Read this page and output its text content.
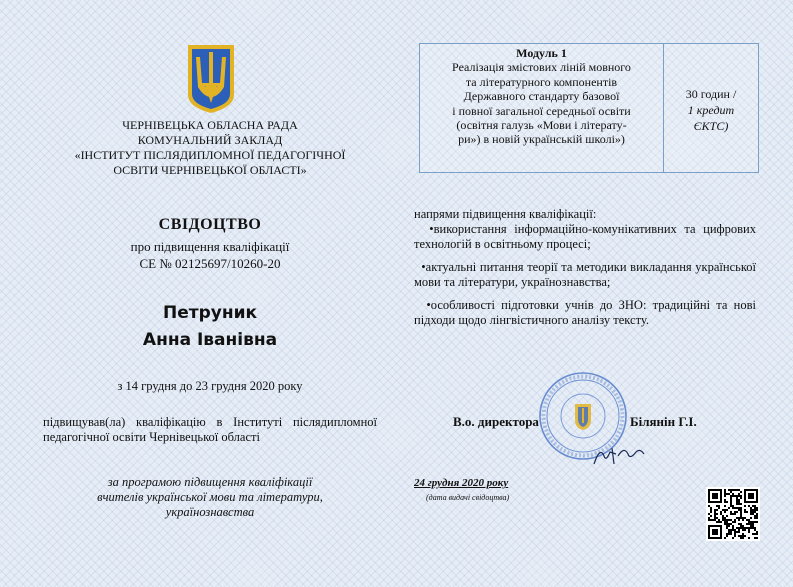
ЧЕРНІВЕЦЬКА ОБЛАСНА РАДА
КОМУНАЛЬНИЙ ЗАКЛАД
«ІНСТИТУТ ПІСЛЯДИПЛОМНОЇ ПЕДАГОГІЧНОЇ
ОСВІТИ ЧЕРНІВЕЦЬКОЇ ОБЛАСТІ»
Модуль 1
Реалізація змістових ліній мовного
та літературного компонентів
Державного стандарту базової
і повної загальної середньої освіти
(освітня галузь «Мови і літерату-
ри») в новій українській школі»)
30 годин /
1 кредит
ЄКТС)
СВІДОЦТВО
про підвищення кваліфікації
СЕ № 02125697/10260-20
Петруник
Анна Іванівна
з 14 грудня до 23 грудня 2020 року
підвищував(ла) кваліфікацію в Інституті післядипломної педагогічної освіти Чернівецької області
за програмою підвищення кваліфікації
вчителів української мови та літератури,
українознавства

напрями підвищення кваліфікації:

•використання інформаційно-комунікативних та цифрових технологій в освітньому процесі;

•актуальні питання теорії та методики викладання української мови та літератури, українознавства;

•особливості підготовки учнів до ЗНО: традиційні та нові підходи щодо лінгвістичного аналізу тексту.

В.о. директора	Білянін Г.І.
24 грудня 2020 року
(дата видачі свідоцтва)
